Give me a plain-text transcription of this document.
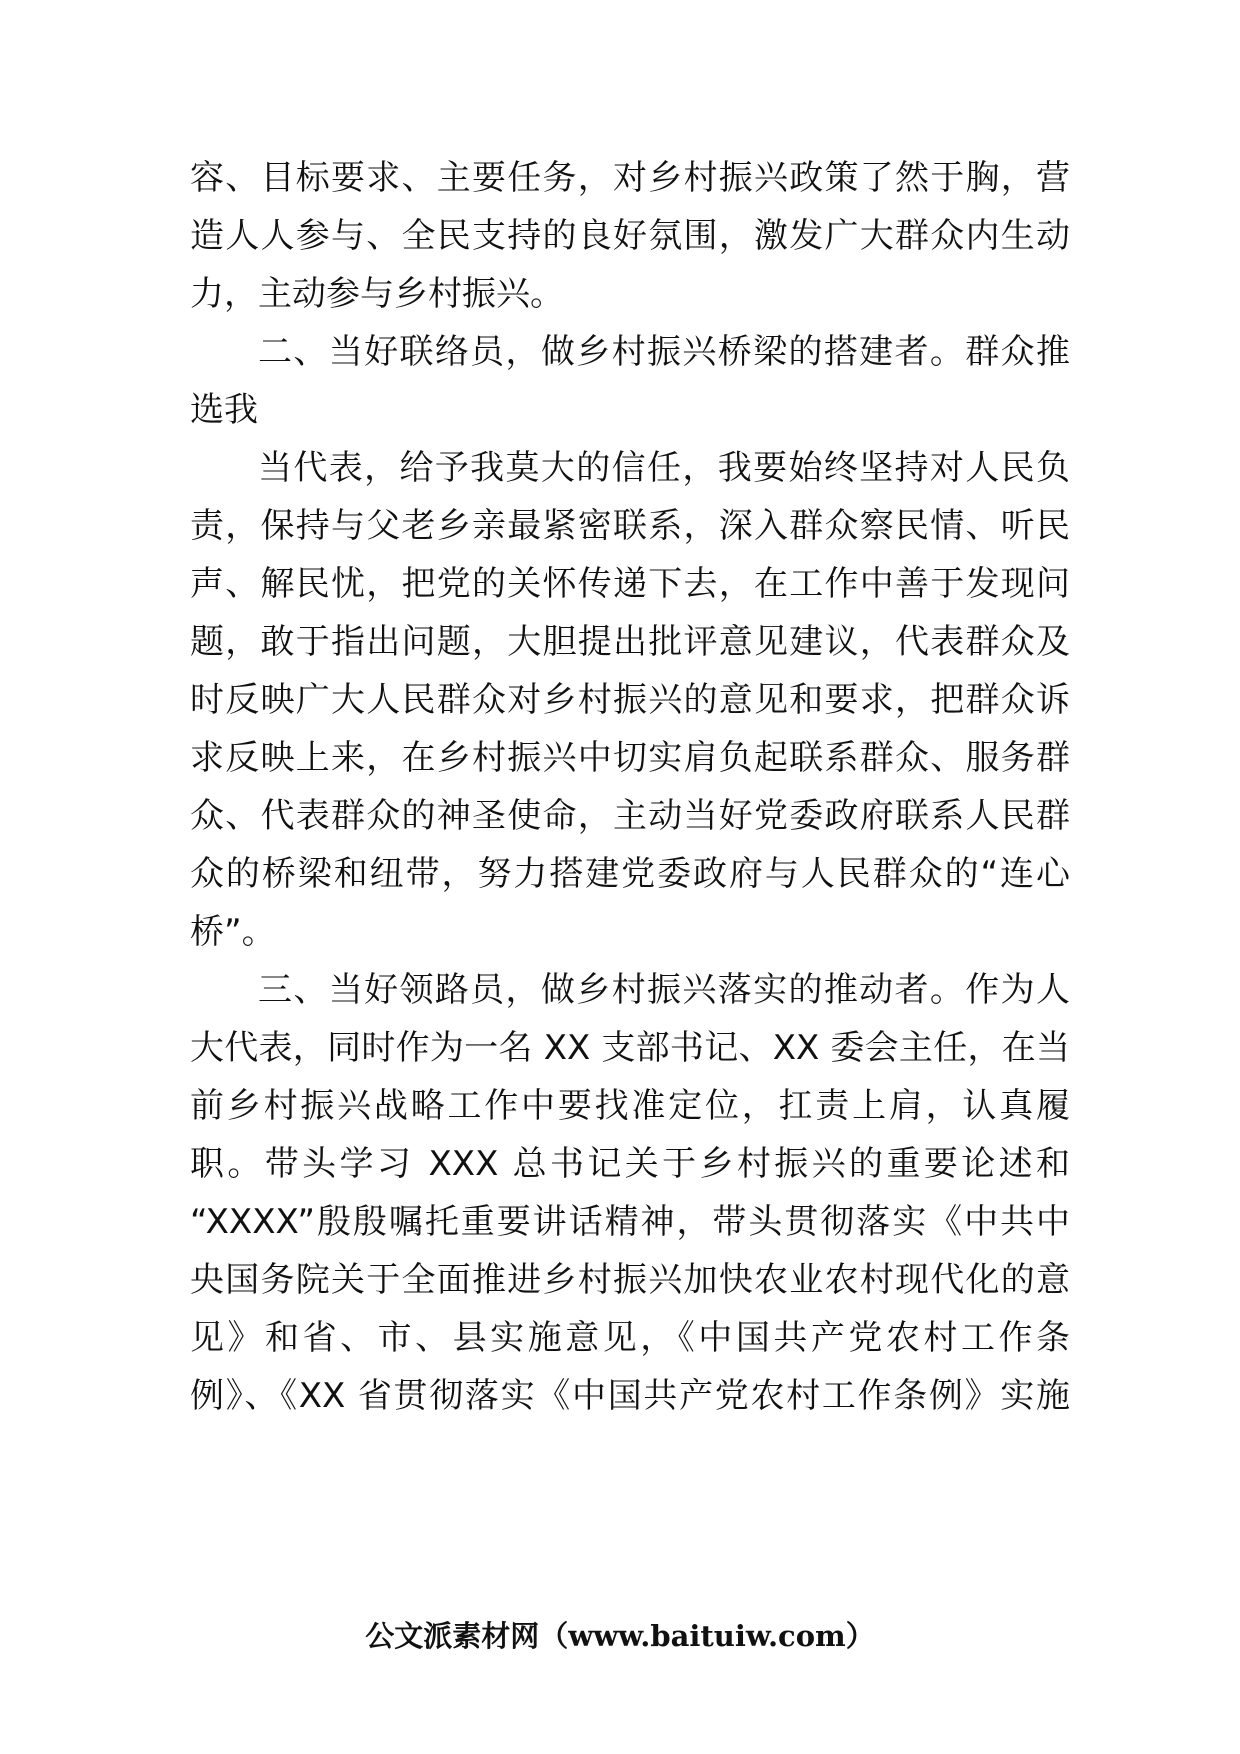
容、目标要求、主要任务，对乡村振兴政策了然于胸，营
造人人参与、全民支持的良好氛围，激发广大群众内生动
力，主动参与乡村振兴。
二、当好联络员，做乡村振兴桥梁的搭建者。群众推
选我
当代表，给予我莫大的信任，我要始终坚持对人民负
责，保持与父老乡亲最紧密联系，深入群众察民情、听民
声、解民忧，把党的关怀传递下去，在工作中善于发现问
题，敢于指出问题，大胆提出批评意见建议，代表群众及
时反映广大人民群众对乡村振兴的意见和要求，把群众诉
求反映上来，在乡村振兴中切实肩负起联系群众、服务群
众、代表群众的神圣使命，主动当好党委政府联系人民群
众的桥梁和纽带，努力搭建党委政府与人民群众的“连心
桥”。
三、当好领路员，做乡村振兴落实的推动者。作为人
大代表，同时作为一名 XX 支部书记、XX 委会主任，在当
前乡村振兴战略工作中要找准定位，扛责上肩，认真履
职。带头学习 XXX 总书记关于乡村振兴的重要论述和
“XXXX”殷殷嘱托重要讲话精神，带头贯彻落实《中共中
央国务院关于全面推进乡村振兴加快农业农村现代化的意
见》和省、市、县实施意见，《中国共产党农村工作条
例》、《XX 省贯彻落实《中国共产党农村工作条例》实施
公文派素材网（www.baituiw.com）
